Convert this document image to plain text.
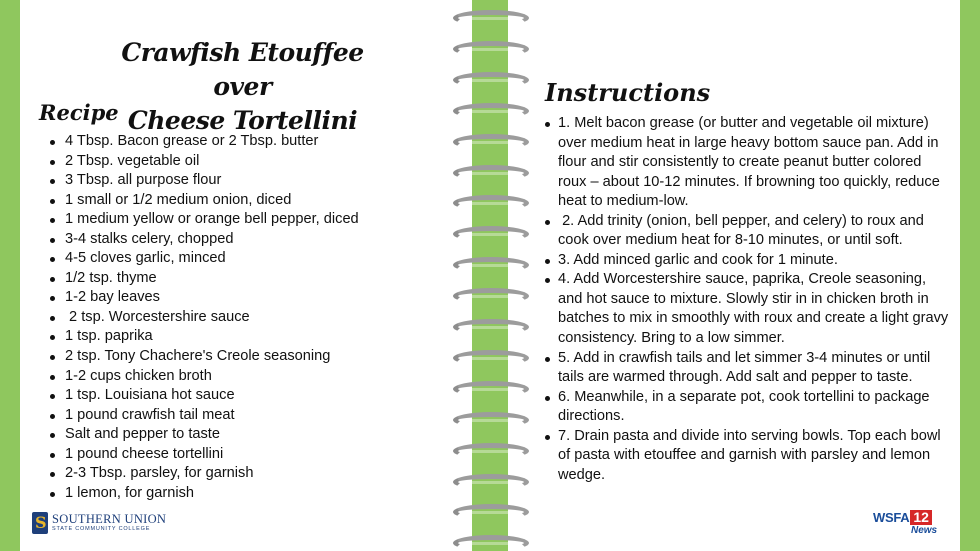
Crawfish Etouffee over
Cheese Tortellini
Recipe
4 Tbsp. Bacon grease or 2 Tbsp. butter
2 Tbsp. vegetable oil
3 Tbsp. all purpose flour
1 small or 1/2 medium onion, diced
1 medium yellow or orange bell pepper, diced
3-4 stalks celery, chopped
4-5 cloves garlic, minced
1/2 tsp. thyme
1-2 bay leaves
2 tsp. Worcestershire sauce
1 tsp. paprika
2 tsp. Tony Chachere's Creole seasoning
1-2 cups chicken broth
1 tsp. Louisiana hot sauce
1 pound crawfish tail meat
Salt and pepper to taste
1 pound cheese tortellini
2-3 Tbsp. parsley, for garnish
1 lemon, for garnish
Instructions
1. Melt bacon grease (or butter and vegetable oil mixture) over medium heat in large heavy bottom sauce pan. Add in flour and stir consistently to create peanut butter colored roux – about 10-12 minutes. If browning too quickly, reduce heat to medium-low.
2. Add trinity (onion, bell pepper, and celery) to roux and cook over medium heat for 8-10 minutes, or until soft.
3. Add minced garlic and cook for 1 minute.
4. Add Worcestershire sauce, paprika, Creole seasoning, and hot sauce to mixture. Slowly stir in in chicken broth in batches to mix in smoothly with roux and create a light gravy consistency. Bring to a low simmer.
5. Add in crawfish tails and let simmer 3-4 minutes or until tails are warmed through. Add salt and pepper to taste.
6. Meanwhile, in a separate pot, cook tortellini to package directions.
7. Drain pasta and divide into serving bowls. Top each bowl of pasta with etouffee and garnish with parsley and lemon wedge.
S
SOUTHERN UNION
STATE COMMUNITY COLLEGE
WSFA 12
News
